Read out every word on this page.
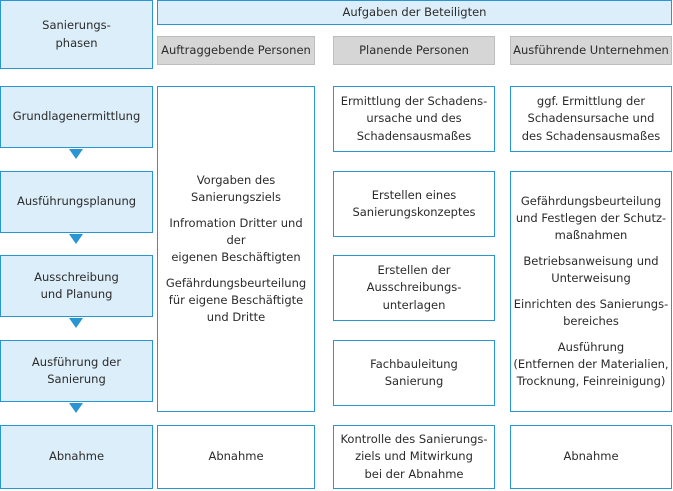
Sanierungs-
phasen
Aufgaben der Beteiligten
Auftraggebende Personen	Planende Personen	Ausführende Unternehmen
Grundlagenermittlung
Ausführungsplanung
Ausschreibung
und Planung
Ausführung der
Sanierung
Abnahme
Vorgaben des
Sanierungsziels
Infromation Dritter und der
eigenen Beschäftigten
Gefährdungsbeurteilung
für eigene Beschäftigte
und Dritte
Abnahme
Ermittlung der Schadens-
ursache und des
Schadensausmaßes
Erstellen eines
Sanierungskonzeptes
Erstellen der
Ausschreibungs-
unterlagen
Fachbauleitung
Sanierung
Kontrolle des Sanierungs-
ziels und Mitwirkung
bei der Abnahme
ggf. Ermittlung der
Schadensursache und
des Schadensausmaßes
Gefährdungsbeurteilung
und Festlegen der Schutz-
maßnahmen
Betriebsanweisung und
Unterweisung
Einrichten des Sanierungs-
bereiches
Ausführung
(Entfernen der Materialien,
Trocknung, Feinreinigung)
Abnahme
